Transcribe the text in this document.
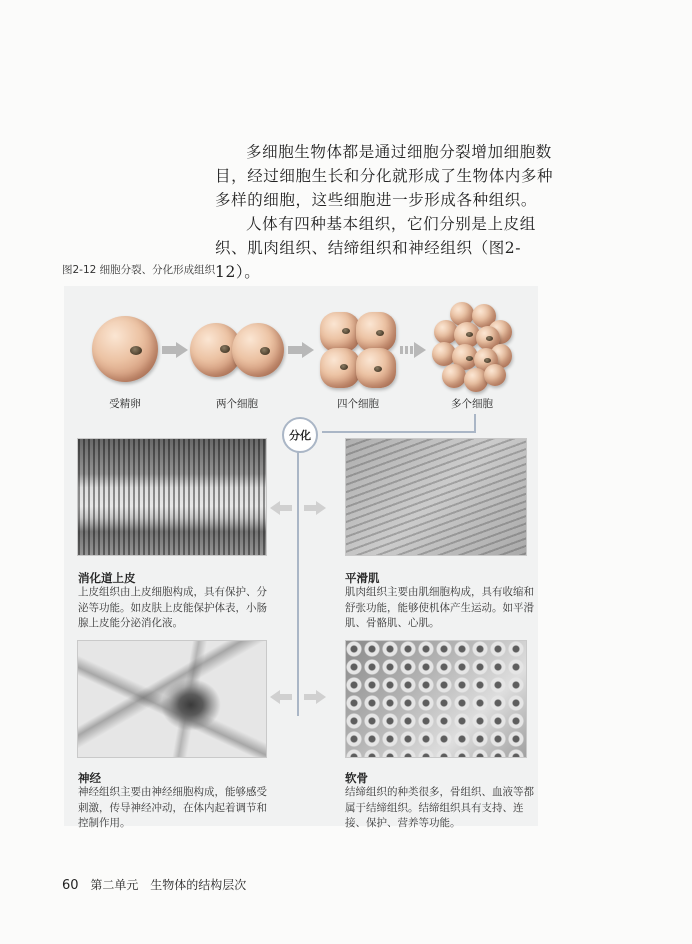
多细胞生物体都是通过细胞分裂增加细胞数目，经过细胞生长和分化就形成了生物体内多种多样的细胞，这些细胞进一步形成各种组织。

人体有四种基本组织，它们分别是上皮组织、肌肉组织、结缔组织和神经组织（图2-12）。

图2-12 细胞分裂、分化形成组织
受精卵	两个细胞	四个细胞	多个细胞
分化
消化道上皮
上皮组织由上皮细胞构成，具有保护、分泌等功能。如皮肤上皮能保护体表，小肠腺上皮能分泌消化液。
平滑肌
肌肉组织主要由肌细胞构成，具有收缩和舒张功能，能够使机体产生运动。如平滑肌、骨骼肌、心肌。
神经
神经组织主要由神经细胞构成，能够感受刺激，传导神经冲动，在体内起着调节和控制作用。
软骨
结缔组织的种类很多，骨组织、血液等都属于结缔组织。结缔组织具有支持、连接、保护、营养等功能。
60 第二单元 生物体的结构层次
